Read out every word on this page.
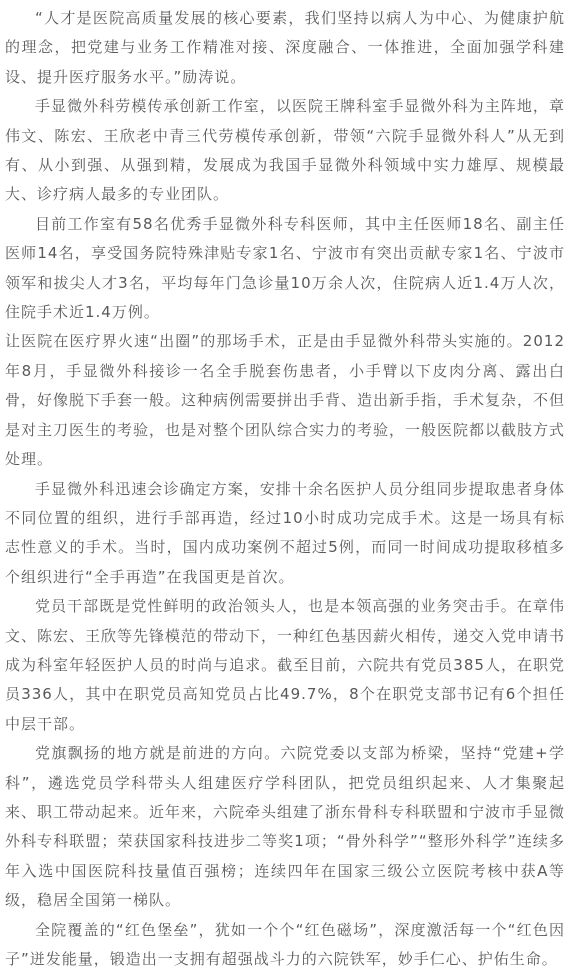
“人才是医院高质量发展的核心要素，我们坚持以病人为中心、为健康护航的理念，把党建与业务工作精准对接、深度融合、一体推进，全面加强学科建设、提升医疗服务水平。”励涛说。

手显微外科劳模传承创新工作室，以医院王牌科室手显微外科为主阵地，章伟文、陈宏、王欣老中青三代劳模传承创新，带领“六院手显微外科人”从无到有、从小到强、从强到精，发展成为我国手显微外科领域中实力雄厚、规模最大、诊疗病人最多的专业团队。

目前工作室有58名优秀手显微外科专科医师，其中主任医师18名、副主任医师14名，享受国务院特殊津贴专家1名、宁波市有突出贡献专家1名、宁波市领军和拔尖人才3名，平均每年门急诊量10万余人次，住院病人近1.4万人次，住院手术近1.4万例。

让医院在医疗界火速“出圈”的那场手术，正是由手显微外科带头实施的。2012年8月，手显微外科接诊一名全手脱套伤患者，小手臂以下皮肉分离、露出白骨，好像脱下手套一般。这种病例需要拼出手背、造出新手指，手术复杂，不但是对主刀医生的考验，也是对整个团队综合实力的考验，一般医院都以截肢方式处理。

手显微外科迅速会诊确定方案，安排十余名医护人员分组同步提取患者身体不同位置的组织，进行手部再造，经过10小时成功完成手术。这是一场具有标志性意义的手术。当时，国内成功案例不超过5例，而同一时间成功提取移植多个组织进行“全手再造”在我国更是首次。

党员干部既是党性鲜明的政治领头人，也是本领高强的业务突击手。在章伟文、陈宏、王欣等先锋模范的带动下，一种红色基因薪火相传，递交入党申请书成为科室年轻医护人员的时尚与追求。截至目前，六院共有党员385人，在职党员336人，其中在职党员高知党员占比49.7%，8个在职党支部书记有6个担任中层干部。

党旗飘扬的地方就是前进的方向。六院党委以支部为桥梁，坚持“党建+学科”，遴选党员学科带头人组建医疗学科团队，把党员组织起来、人才集聚起来、职工带动起来。近年来，六院牵头组建了浙东骨科专科联盟和宁波市手显微外科专科联盟；荣获国家科技进步二等奖1项；“骨外科学”“整形外科学”连续多年入选中国医院科技量值百强榜；连续四年在国家三级公立医院考核中获A等级，稳居全国第一梯队。

全院覆盖的“红色堡垒”，犹如一个个“红色磁场”，深度激活每一个“红色因子”迸发能量，锻造出一支拥有超强战斗力的六院铁军，妙手仁心、护佑生命。
